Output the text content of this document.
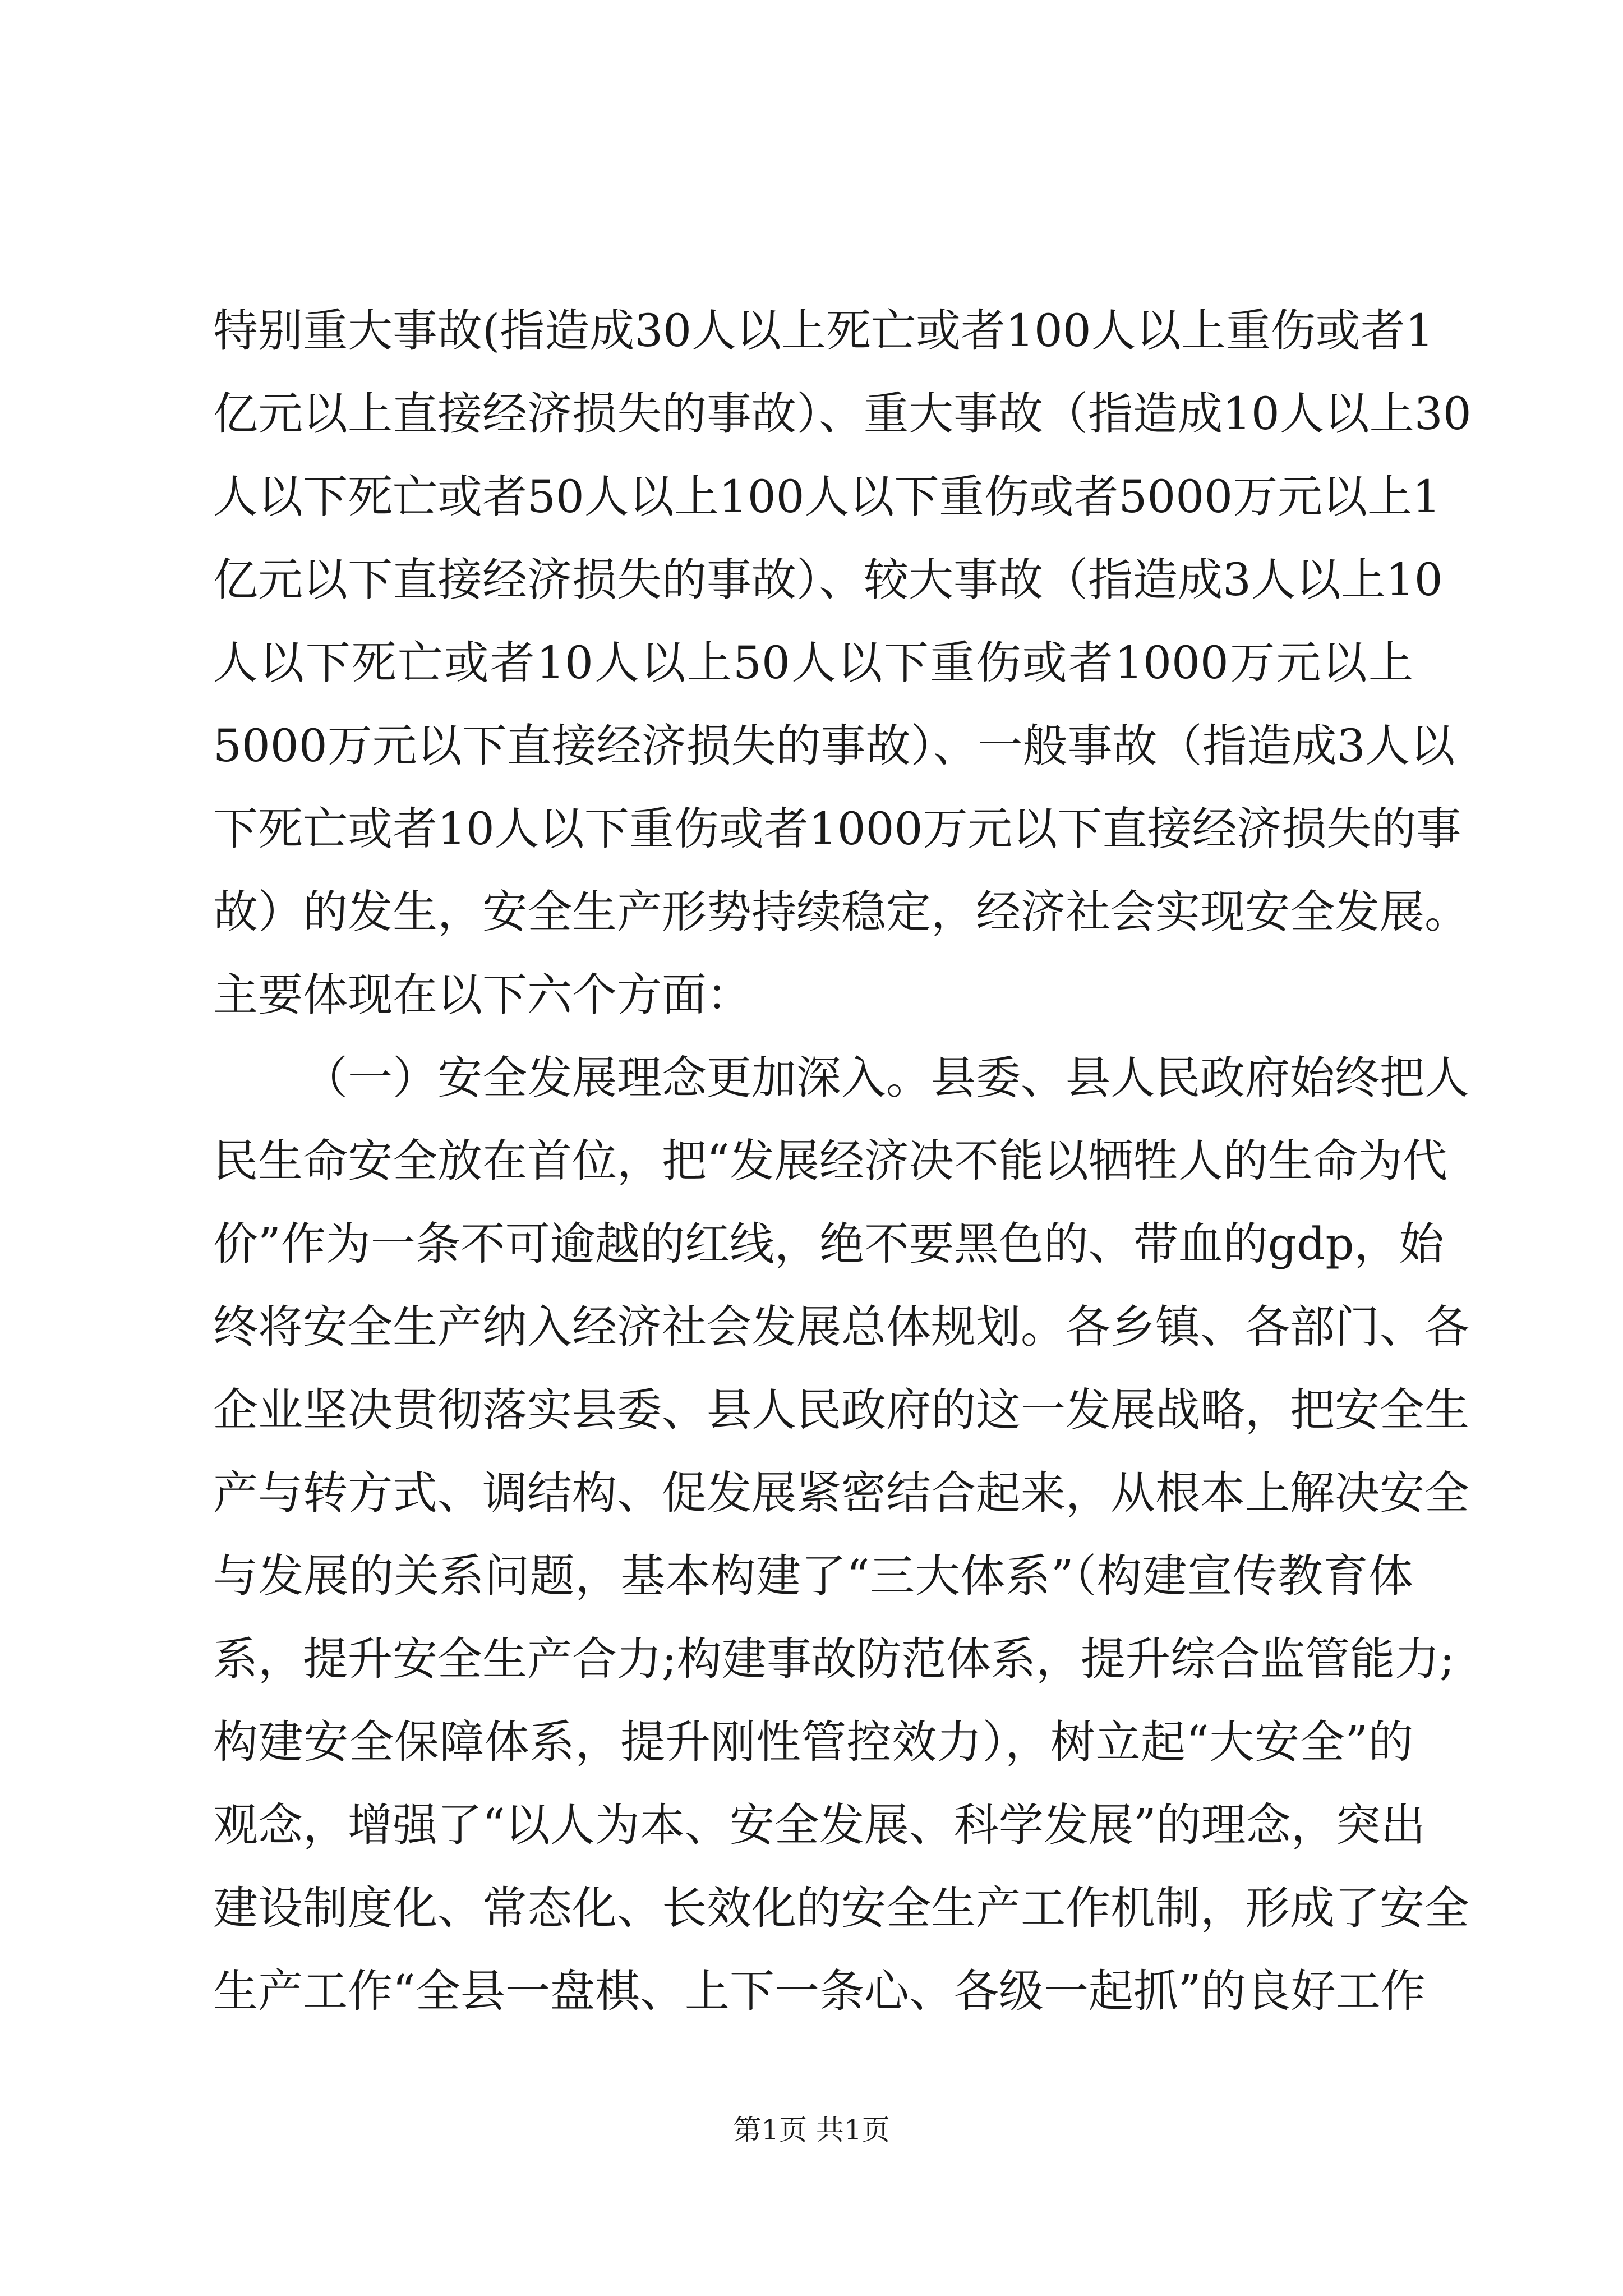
特别重大事故(指造成30人以上死亡或者100人以上重伤或者1
亿元以上直接经济损失的事故）、重大事故（指造成10人以上30
人以下死亡或者50人以上100人以下重伤或者5000万元以上1
亿元以下直接经济损失的事故）、较大事故（指造成3人以上10
人以下死亡或者10人以上50人以下重伤或者1000万元以上
5000万元以下直接经济损失的事故）、一般事故（指造成3人以
下死亡或者10人以下重伤或者1000万元以下直接经济损失的事
故）的发生，安全生产形势持续稳定，经济社会实现安全发展。
主要体现在以下六个方面：
（一）安全发展理念更加深入。县委、县人民政府始终把人
民生命安全放在首位，把“发展经济决不能以牺牲人的生命为代
价”作为一条不可逾越的红线，绝不要黑色的、带血的gdp，始
终将安全生产纳入经济社会发展总体规划。各乡镇、各部门、各
企业坚决贯彻落实县委、县人民政府的这一发展战略，把安全生
产与转方式、调结构、促发展紧密结合起来，从根本上解决安全
与发展的关系问题，基本构建了“三大体系”（构建宣传教育体
系，提升安全生产合力;构建事故防范体系，提升综合监管能力;
构建安全保障体系，提升刚性管控效力），树立起“大安全”的
观念，增强了“以人为本、安全发展、科学发展”的理念，突出
建设制度化、常态化、长效化的安全生产工作机制，形成了安全
生产工作“全县一盘棋、上下一条心、各级一起抓”的良好工作
第1页 共1页
